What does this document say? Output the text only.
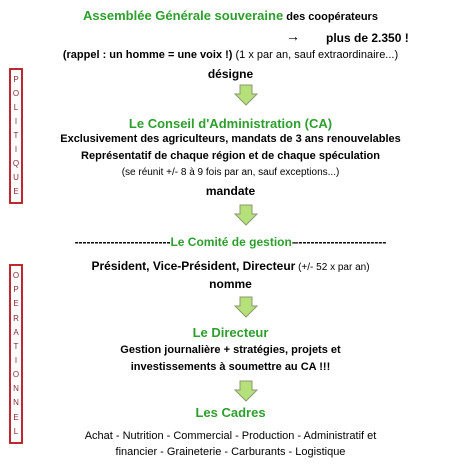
Assemblée Générale souveraine des coopérateurs
→ plus de 2.350 !
(rappel : un homme = une voix !) (1 x par an, sauf extraordinaire...)
désigne
Le Conseil d'Administration (CA)
Exclusivement des agriculteurs, mandats de 3 ans renouvelables
Représentatif de chaque région et de chaque spéculation
(se réunit +/- 8 à 9 fois par an, sauf exceptions...)
mandate
------------------------Le Comité de gestion–----------------------
Président, Vice-Président, Directeur (+/- 52 x par an)
nomme
Le Directeur
Gestion journalière + stratégies, projets et
investissements à soumettre au CA !!!
Les Cadres
Achat - Nutrition - Commercial - Production - Administratif et
financier - Graineterie - Carburants - Logistique
P
O
L
I
T
I
Q
U
E
O
P
E
R
A
T
I
O
N
N
E
L
